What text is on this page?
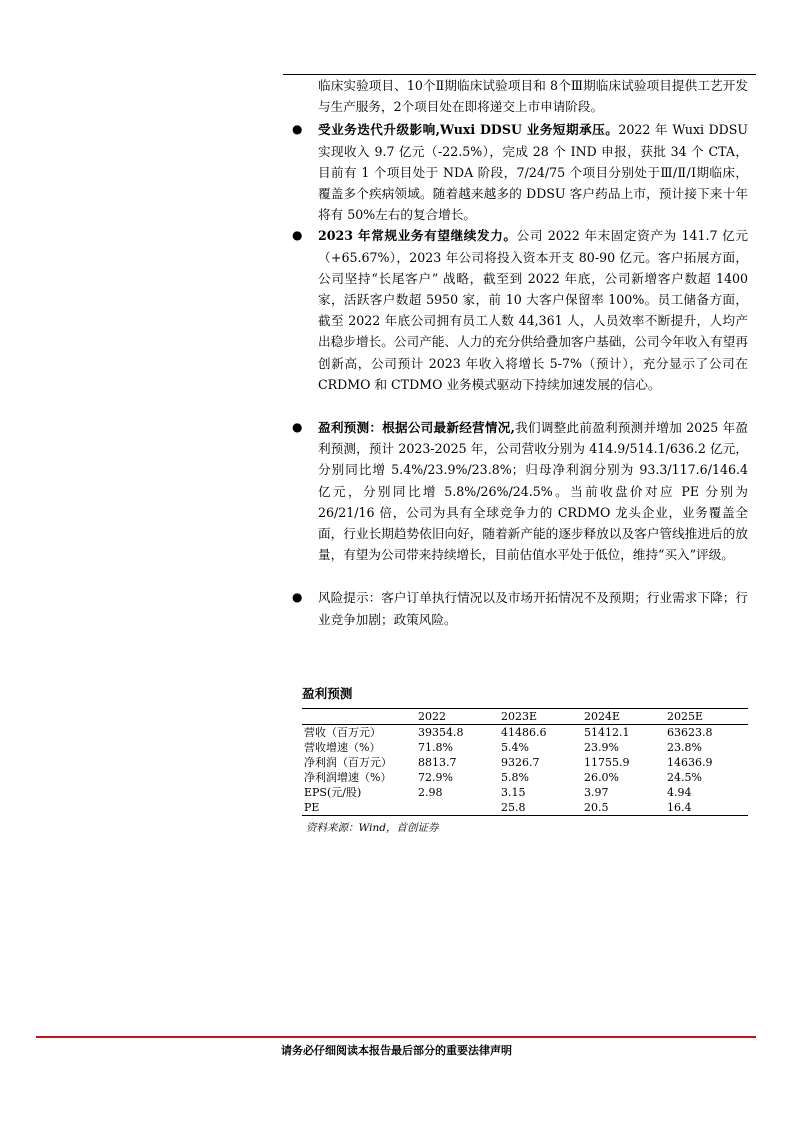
临床实验项目、10个Ⅱ期临床试验项目和 8个Ⅲ期临床试验项目提供工艺开发与生产服务，2个项目处在即将递交上市申请阶段。

● 受业务迭代升级影响,Wuxi DDSU 业务短期承压。2022 年 Wuxi DDSU 实现收入 9.7 亿元（-22.5%），完成 28 个 IND 申报，获批 34 个 CTA，目前有 1 个项目处于 NDA 阶段，7/24/75 个项目分别处于Ⅲ/Ⅱ/Ⅰ期临床，覆盖多个疾病领域。随着越来越多的 DDSU 客户药品上市，预计接下来十年将有 50%左右的复合增长。

● 2023 年常规业务有望继续发力。公司 2022 年末固定资产为 141.7 亿元（+65.67%），2023 年公司将投入资本开支 80-90 亿元。客户拓展方面，公司坚持“长尾客户” 战略，截至到 2022 年底，公司新增客户数超 1400 家，活跃客户数超 5950 家，前 10 大客户保留率 100%。员工储备方面，截至 2022 年底公司拥有员工人数 44,361 人，人员效率不断提升，人均产出稳步增长。公司产能、人力的充分供给叠加客户基础，公司今年收入有望再创新高，公司预计 2023 年收入将增长 5-7%（预计），充分显示了公司在 CRDMO 和 CTDMO 业务模式驱动下持续加速发展的信心。

● 盈利预测：根据公司最新经营情况,我们调整此前盈利预测并增加 2025 年盈利预测，预计 2023-2025 年，公司营收分别为 414.9/514.1/636.2 亿元，分别同比增 5.4%/23.9%/23.8%；归母净利润分别为 93.3/117.6/146.4 亿元，分别同比增 5.8%/26%/24.5%。当前收盘价对应 PE 分别为 26/21/16 倍，公司为具有全球竞争力的 CRDMO 龙头企业，业务覆盖全面，行业长期趋势依旧向好，随着新产能的逐步释放以及客户管线推进后的放量，有望为公司带来持续增长，目前估值水平处于低位，维持“买入”评级。

● 风险提示：客户订单执行情况以及市场开拓情况不及预期；行业需求下降；行业竞争加剧；政策风险。

盈利预测
	2022	2023E	2024E	2025E
营收（百万元）	39354.8	41486.6	51412.1	63623.8
营收增速（%）	71.8%	5.4%	23.9%	23.8%
净利润（百万元）	8813.7	9326.7	11755.9	14636.9
净利润增速（%）	72.9%	5.8%	26.0%	24.5%
EPS(元/股)	2.98	3.15	3.97	4.94
PE		25.8	20.5	16.4
资料来源：Wind，首创证券
请务必仔细阅读本报告最后部分的重要法律声明
